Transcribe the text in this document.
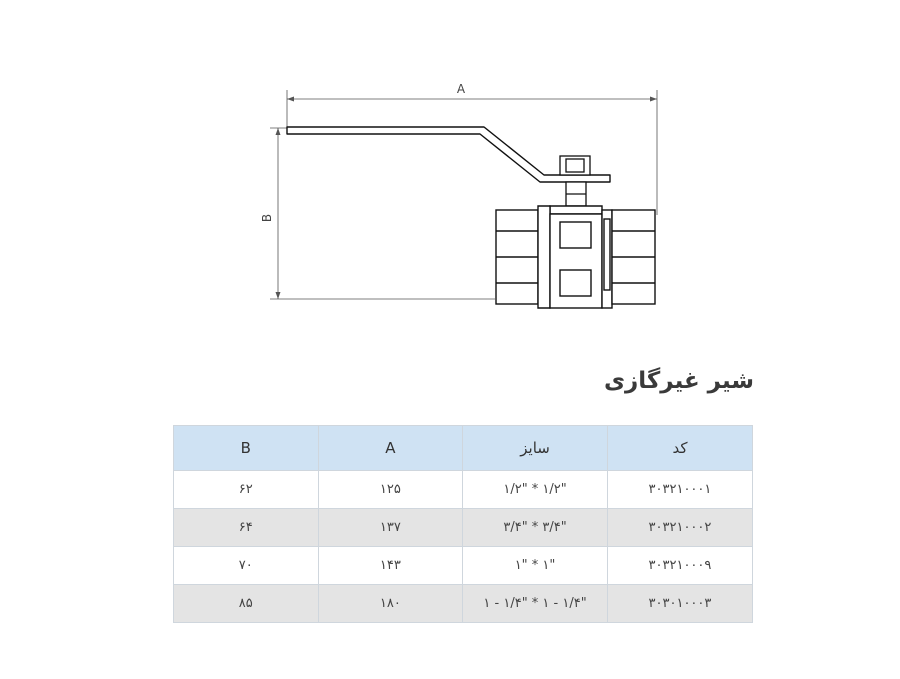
A
B
شیر غیرگازی
کد	سایز	A	B
۳۰۳۲۱۰۰۰۱	۱/۲" * ۱/۲"	۱۲۵	۶۲
۳۰۳۲۱۰۰۰۲	۳/۴" * ۳/۴"	۱۳۷	۶۴
۳۰۳۲۱۰۰۰۹	۱" * ۱"	۱۴۳	۷۰
۳۰۳۰۱۰۰۰۳	۱ - ۱/۴" * ۱ - ۱/۴"	۱۸۰	۸۵
